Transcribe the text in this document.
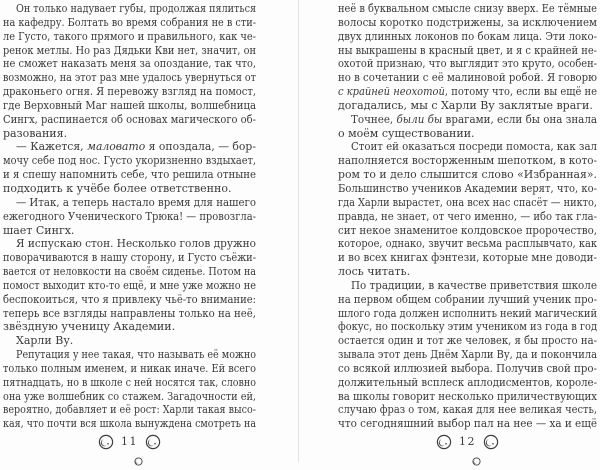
Он только надувает губы, продолжая пялиться
на кафедру. Болтать во время собрания не в сти-
ле Густо, такого прямого и правильного, как че-
ренок метлы. Но раз Дядьки Кви нет, значит, он
не сможет наказать меня за опоздание, так что,
возможно, на этот раз мне удалось увернуться от
драконьего огня. Я перевожу взгляд на помост,
где Верховный Маг нашей школы, волшебница
Сингх, распинается об основах магического об-
разования.
— Кажется, маловато я опоздала, — бор-
мочу себе под нос. Густо укоризненно вздыхает,
и я спешу напомнить себе, что решила отныне
подходить к учёбе более ответственно.
— Итак, а теперь настало время для нашего
ежегодного Ученического Трюка! — провозгла-
шает Сингх.
Я испускаю стон. Несколько голов дружно
поворачиваются в нашу сторону, и Густо съёжи-
вается от неловкости на своём сиденье. Потом на
помост выходит кто-то ещё, и мне уже можно не
беспокоиться, что я привлеку чьё-то внимание:
теперь все взгляды направлены только на неё,
звёздную ученицу Академии.
Харли Ву.
Репутация у нее такая, что называть её можно
только полным именем, и никак иначе. Ей всего
пятнадцать, но в школе с ней носятся так, словно
она уже волшебник со стажем. Загадочности ей,
вероятно, добавляет и её рост: Харли такая высо-
кая, что почти вся школа вынуждена смотреть на
11
неё в буквальном смысле снизу вверх. Ее тёмные
волосы коротко подстрижены, за исключением
двух длинных локонов по бокам лица. Эти локо-
ны выкрашены в красный цвет, и я с крайней не-
охотой признаю, что выглядит это круто, особен-
но в сочетании с её малиновой робой. Я говорю
с крайней неохотой, потому что, если вы ещё не
догадались, мы с Харли Ву заклятые враги.
Точнее, были бы врагами, если бы она знала
о моём существовании.
Стоит ей оказаться посреди помоста, как зал
наполняется восторженным шепотком, в кото-
ром то и дело слышится слово «Избранная».
Большинство учеников Академии верят, что, ко-
гда Харли вырастет, она всех нас спасёт — никто,
правда, не знает, от чего именно, — ибо так гла-
сит некое знаменитое колдовское пророчество,
которое, однако, звучит весьма расплывчато, как
и во всех книгах фэнтези, которые мне доводи-
лось читать.
По традиции, в качестве приветствия школе
на первом общем собрании лучший ученик про-
шлого года должен исполнить некий магический
фокус, но поскольку этим учеником из года в год
остается один и тот же человек, я бы просто на-
зывала этот день Днём Харли Ву, да и покончила
со всякой иллюзией выбора. Получив свой про-
должительный всплеск аплодисментов, короле-
ва школы говорит несколько приличествующих
случаю фраз о том, какая для нее великая честь,
что сегодняшний выбор пал на нее — ха и ещё
12
